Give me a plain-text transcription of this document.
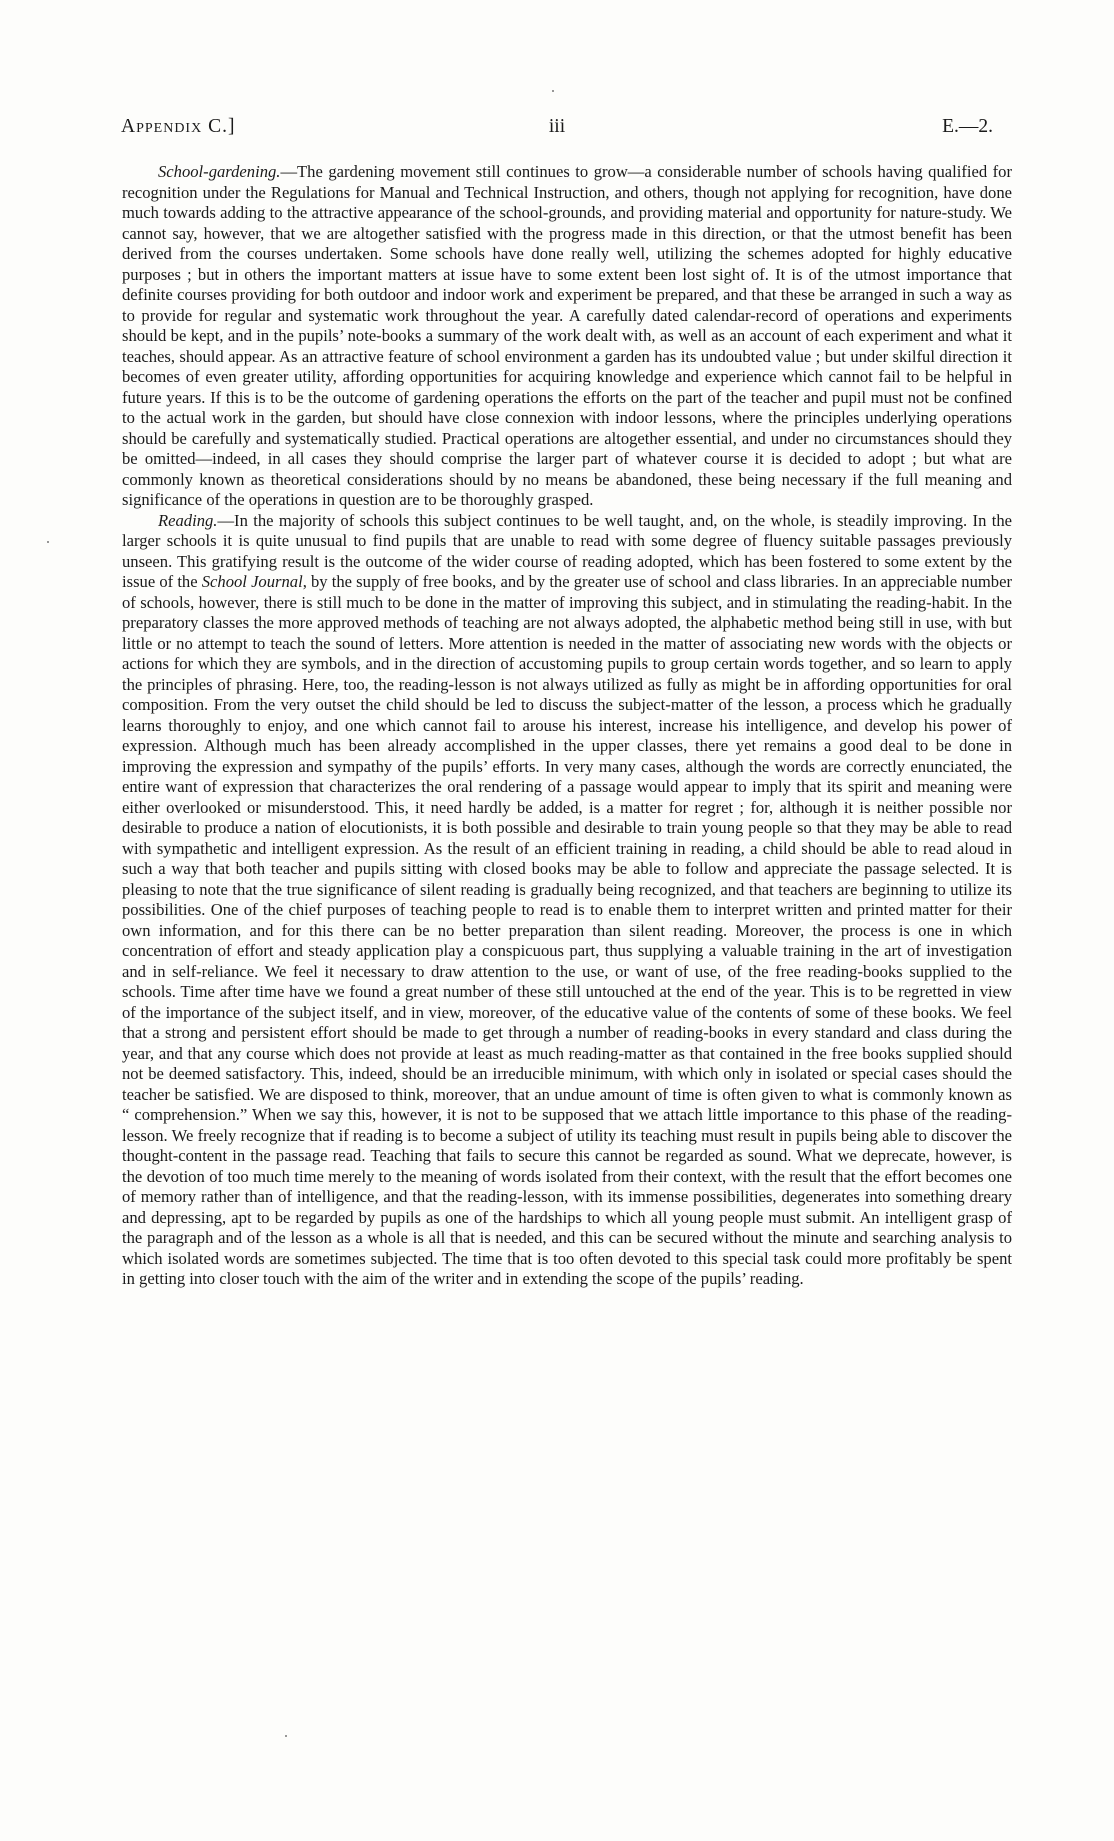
Appendix C.]	iii	E.—2.

School-gardening.—The gardening movement still continues to grow—a considerable number of schools having qualified for recognition under the Regulations for Manual and Technical Instruction, and others, though not applying for recognition, have done much towards adding to the attractive appearance of the school-grounds, and providing material and opportunity for nature-study. We cannot say, however, that we are altogether satisfied with the progress made in this direction, or that the utmost benefit has been derived from the courses undertaken. Some schools have done really well, utilizing the schemes adopted for highly educative purposes ; but in others the important matters at issue have to some extent been lost sight of. It is of the utmost importance that definite courses providing for both outdoor and indoor work and experiment be prepared, and that these be arranged in such a way as to provide for regular and systematic work throughout the year. A carefully dated calendar-record of operations and experiments should be kept, and in the pupils’ note-books a summary of the work dealt with, as well as an account of each experiment and what it teaches, should appear. As an attractive feature of school environment a garden has its undoubted value ; but under skilful direction it becomes of even greater utility, affording opportunities for acquiring knowledge and experience which cannot fail to be helpful in future years. If this is to be the outcome of gardening operations the efforts on the part of the teacher and pupil must not be confined to the actual work in the garden, but should have close connexion with indoor lessons, where the principles underlying operations should be carefully and systematically studied. Practical operations are altogether essential, and under no circumstances should they be omitted—indeed, in all cases they should comprise the larger part of whatever course it is decided to adopt ; but what are commonly known as theoretical considerations should by no means be abandoned, these being necessary if the full meaning and significance of the operations in question are to be thoroughly grasped.

Reading.—In the majority of schools this subject continues to be well taught, and, on the whole, is steadily improving. In the larger schools it is quite unusual to find pupils that are unable to read with some degree of fluency suitable passages previously unseen. This gratifying result is the outcome of the wider course of reading adopted, which has been fostered to some extent by the issue of the School Journal, by the supply of free books, and by the greater use of school and class libraries. In an appreciable number of schools, however, there is still much to be done in the matter of improving this subject, and in stimulating the reading-habit. In the preparatory classes the more approved methods of teaching are not always adopted, the alphabetic method being still in use, with but little or no attempt to teach the sound of letters. More attention is needed in the matter of associating new words with the objects or actions for which they are symbols, and in the direction of accustoming pupils to group certain words together, and so learn to apply the principles of phrasing. Here, too, the reading-lesson is not always utilized as fully as might be in affording opportunities for oral composition. From the very outset the child should be led to discuss the subject-matter of the lesson, a process which he gradually learns thoroughly to enjoy, and one which cannot fail to arouse his interest, increase his intelligence, and develop his power of expression. Although much has been already accomplished in the upper classes, there yet remains a good deal to be done in improving the expression and sympathy of the pupils’ efforts. In very many cases, although the words are correctly enunciated, the entire want of expression that characterizes the oral rendering of a passage would appear to imply that its spirit and meaning were either overlooked or misunderstood. This, it need hardly be added, is a matter for regret ; for, although it is neither possible nor desirable to produce a nation of elocutionists, it is both possible and desirable to train young people so that they may be able to read with sympathetic and intelligent expression. As the result of an efficient training in reading, a child should be able to read aloud in such a way that both teacher and pupils sitting with closed books may be able to follow and appreciate the passage selected. It is pleasing to note that the true significance of silent reading is gradually being recognized, and that teachers are beginning to utilize its possibilities. One of the chief purposes of teaching people to read is to enable them to interpret written and printed matter for their own information, and for this there can be no better preparation than silent reading. Moreover, the process is one in which concentration of effort and steady application play a conspicuous part, thus supplying a valuable training in the art of investigation and in self-reliance. We feel it necessary to draw attention to the use, or want of use, of the free reading-books supplied to the schools. Time after time have we found a great number of these still untouched at the end of the year. This is to be regretted in view of the importance of the subject itself, and in view, moreover, of the educative value of the contents of some of these books. We feel that a strong and persistent effort should be made to get through a number of reading-books in every standard and class during the year, and that any course which does not provide at least as much reading-matter as that contained in the free books supplied should not be deemed satisfactory. This, indeed, should be an irreducible minimum, with which only in isolated or special cases should the teacher be satisfied. We are disposed to think, moreover, that an undue amount of time is often given to what is commonly known as “ comprehension.” When we say this, however, it is not to be supposed that we attach little importance to this phase of the reading-lesson. We freely recognize that if reading is to become a subject of utility its teaching must result in pupils being able to discover the thought-content in the passage read. Teaching that fails to secure this cannot be regarded as sound. What we deprecate, however, is the devotion of too much time merely to the meaning of words isolated from their context, with the result that the effort becomes one of memory rather than of intelligence, and that the reading-lesson, with its immense possibilities, degenerates into something dreary and depressing, apt to be regarded by pupils as one of the hardships to which all young people must submit. An intelligent grasp of the paragraph and of the lesson as a whole is all that is needed, and this can be secured without the minute and searching analysis to which isolated words are sometimes subjected. The time that is too often devoted to this special task could more profitably be spent in getting into closer touch with the aim of the writer and in extending the scope of the pupils’ reading.
